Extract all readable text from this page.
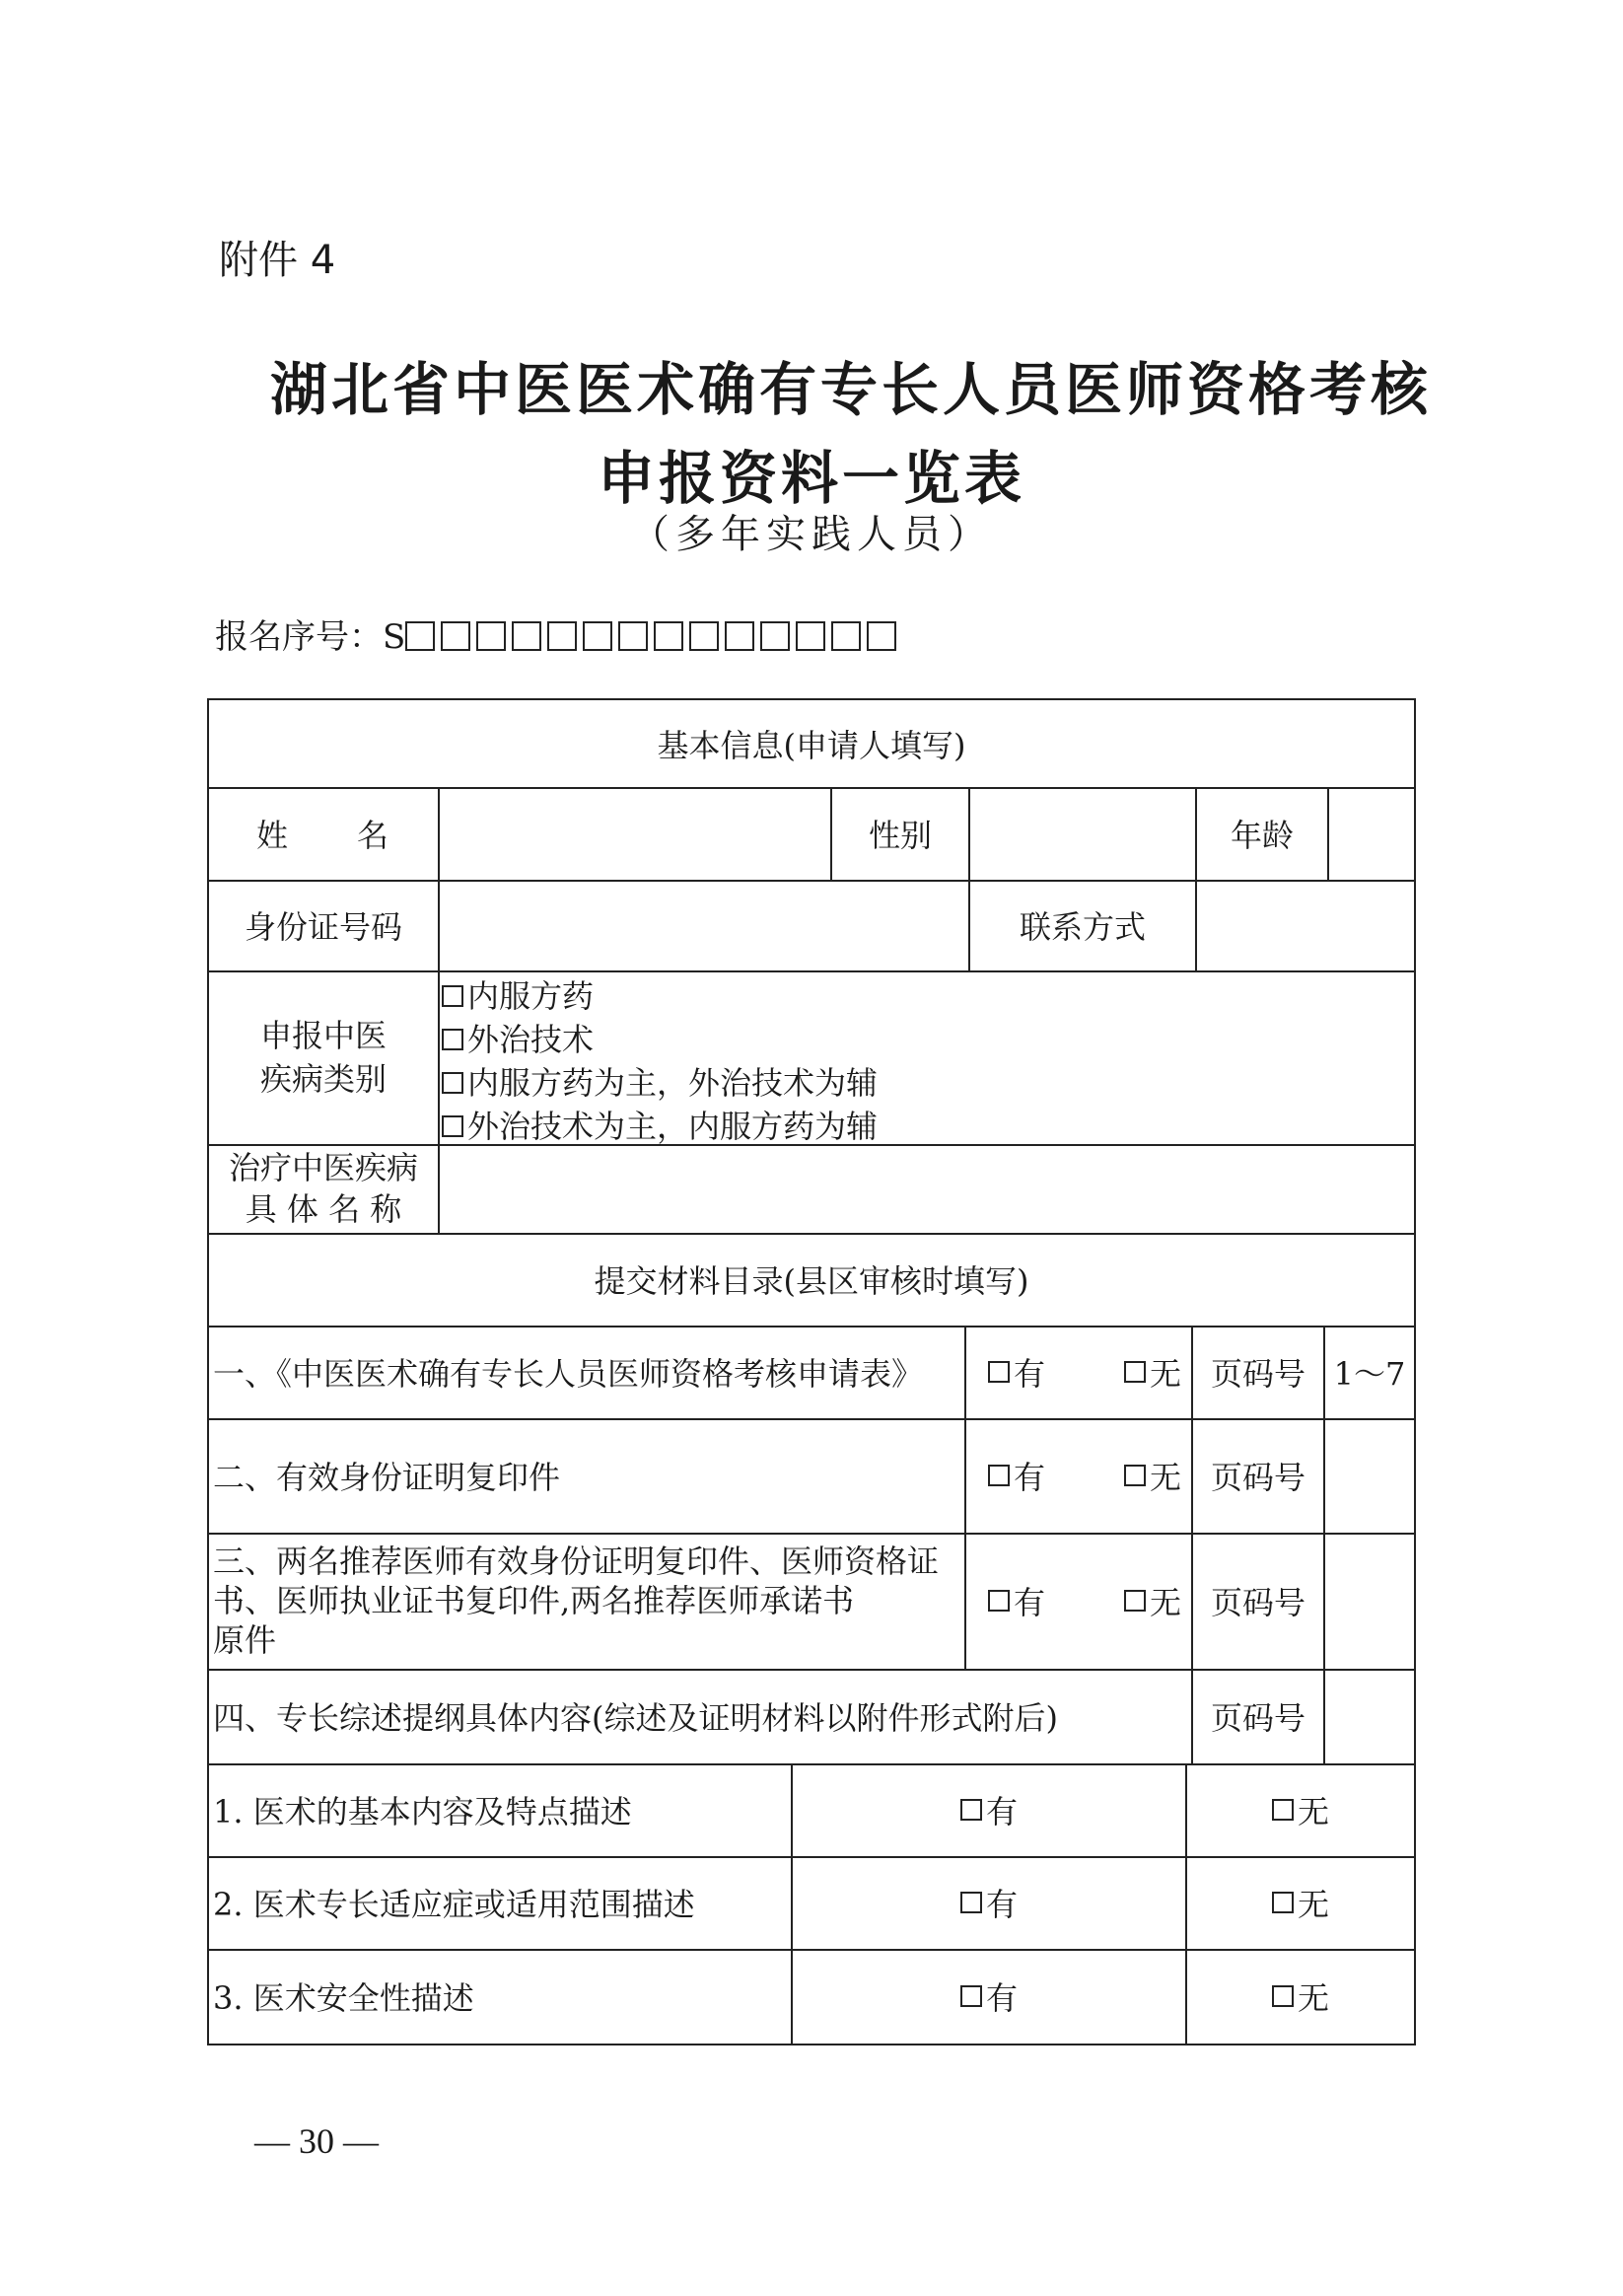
附件 4
湖北省中医医术确有专长人员医师资格考核
申报资料一览表
（多年实践人员）
报名序号：S
基本信息(申请人填写)
姓　　名	性别	年龄
身份证号码	联系方式
申报中医
疾病类别
内服方药
外治技术
内服方药为主，外治技术为辅
外治技术为主，内服方药为辅
治疗中医疾病
具 体 名 称
提交材料目录(县区审核时填写)
一、《中医医术确有专长人员医师资格考核申请表》	有	无 页码号 1～7
二、有效身份证明复印件	有	无 页码号
三、两名推荐医师有效身份证明复印件、医师资格证
书、医师执业证书复印件,两名推荐医师承诺书
原件
有	无 页码号
四、专长综述提纲具体内容(综述及证明材料以附件形式附后)	页码号
1. 医术的基本内容及特点描述	有	无
2. 医术专长适应症或适用范围描述	有	无
3. 医术安全性描述	有	无
— 30 —
